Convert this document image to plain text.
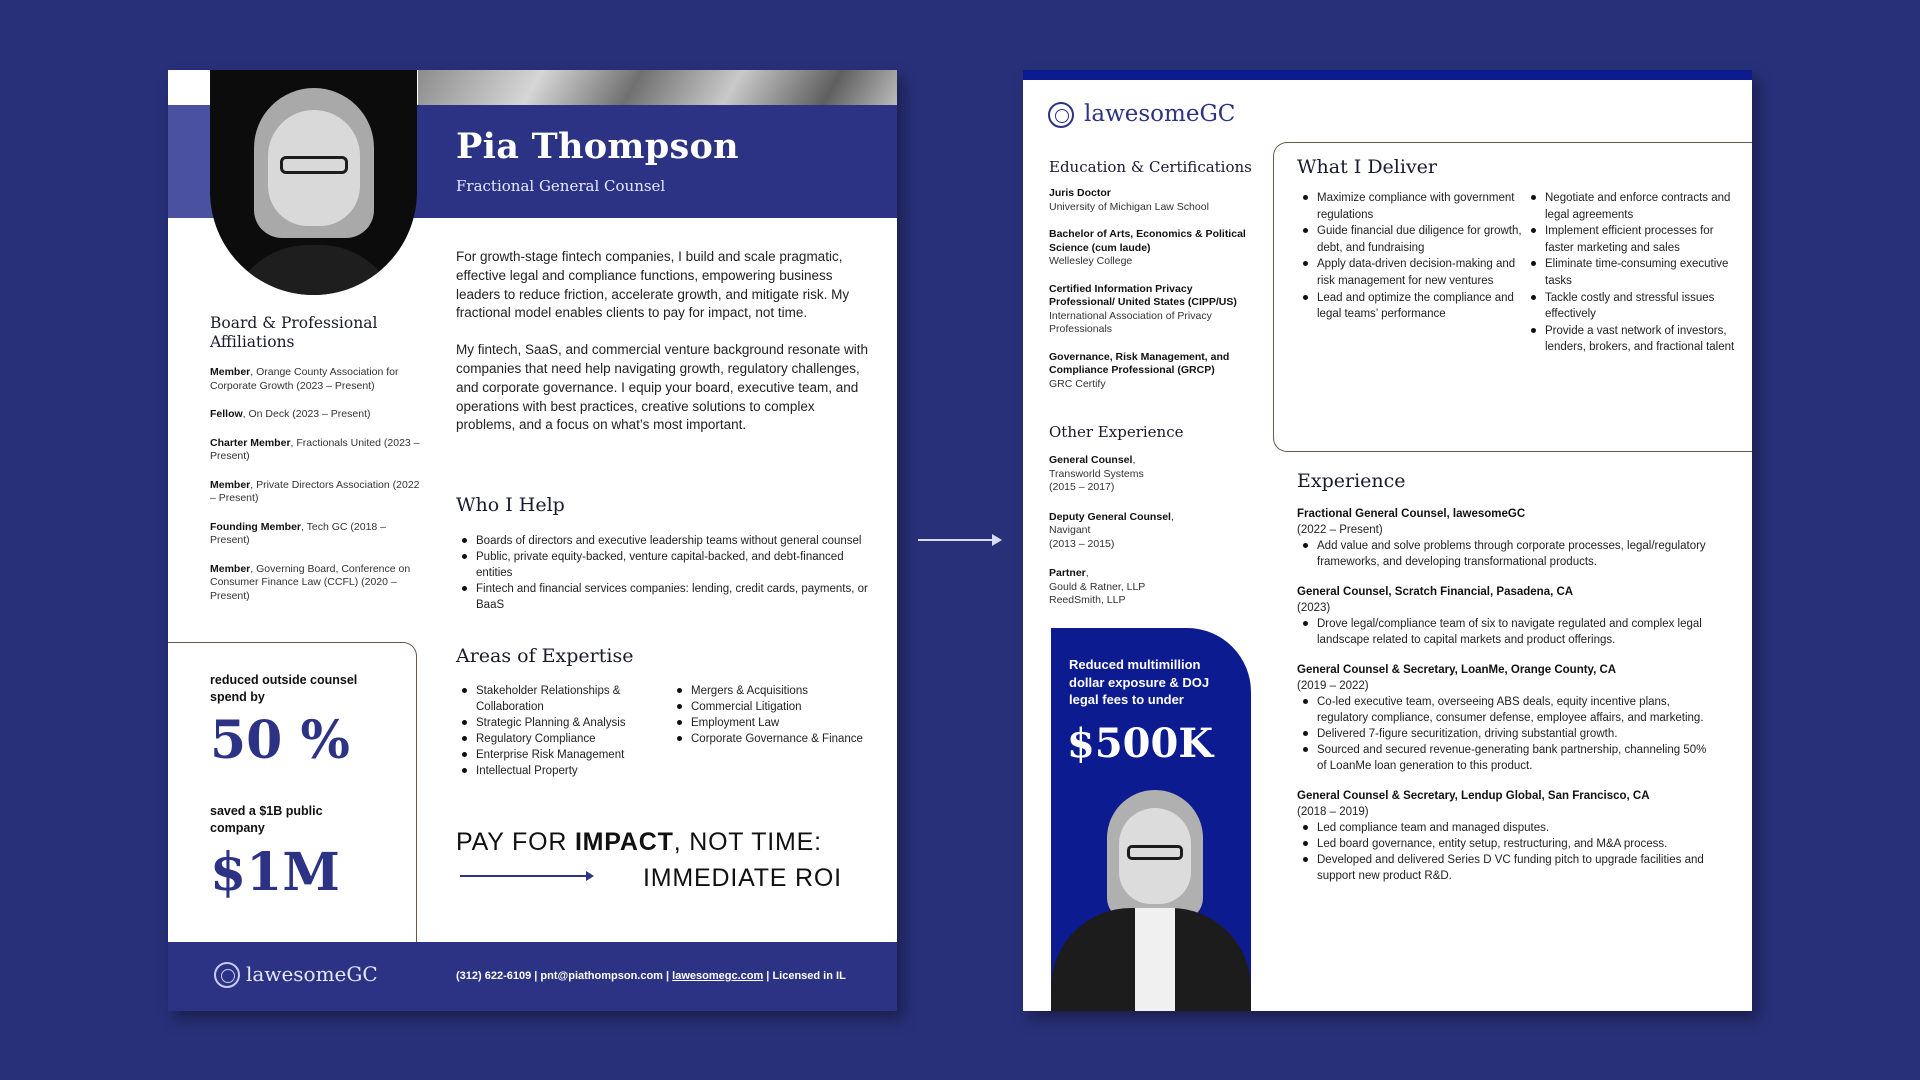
Pia Thompson
Fractional General Counsel
Board & Professional Affiliations
Member, Orange County Association for Corporate Growth (2023 – Present)
Fellow, On Deck (2023 – Present)
Charter Member, Fractionals United (2023 – Present)
Member, Private Directors Association (2022 – Present)
Founding Member, Tech GC (2018 – Present)
Member, Governing Board, Conference on Consumer Finance Law (CCFL) (2020 – Present)
reduced outside counsel spend by
50 %
saved a $1B public company
$1M

For growth-stage fintech companies, I build and scale pragmatic, effective legal and compliance functions, empowering business leaders to reduce friction, accelerate growth, and mitigate risk. My fractional model enables clients to pay for impact, not time.

My fintech, SaaS, and commercial venture background resonate with companies that need help navigating growth, regulatory challenges, and corporate governance. I equip your board, executive team, and operations with best practices, creative solutions to complex problems, and a focus on what’s most important.

Who I Help
Boards of directors and executive leadership teams without general counsel
Public, private equity-backed, venture capital-backed, and debt-financed entities
Fintech and financial services companies: lending, credit cards, payments, or BaaS
Areas of Expertise
Stakeholder Relationships & Collaboration
Strategic Planning & Analysis
Regulatory Compliance
Enterprise Risk Management
Intellectual Property
Mergers & Acquisitions
Commercial Litigation
Employment Law
Corporate Governance & Finance
PAY FOR IMPACT, NOT TIME:
IMMEDIATE ROI
lawesomeGC	(312) 622-6109 | pnt@piathompson.com | lawesomegc.com | Licensed in IL
lawesomeGC
Education & Certifications
Juris Doctor
University of Michigan Law School
Bachelor of Arts, Economics & Political Science (cum laude)
Wellesley College
Certified Information Privacy Professional/ United States (CIPP/US)
International Association of Privacy Professionals
Governance, Risk Management, and Compliance Professional (GRCP)
GRC Certify
Other Experience
General Counsel,
Transworld Systems
(2015 – 2017)
Deputy General Counsel,
Navigant
(2013 – 2015)
Partner,
Gould & Ratner, LLP
ReedSmith, LLP
Reduced multimillion dollar exposure & DOJ legal fees to under
$500K
What I Deliver
Maximize compliance with government regulations
Guide financial due diligence for growth, debt, and fundraising
Apply data-driven decision-making and risk management for new ventures
Lead and optimize the compliance and legal teams’ performance
Negotiate and enforce contracts and legal agreements
Implement efficient processes for faster marketing and sales
Eliminate time-consuming executive tasks
Tackle costly and stressful issues effectively
Provide a vast network of investors, lenders, brokers, and fractional talent
Experience
Fractional General Counsel, lawesomeGC
(2022 – Present)
Add value and solve problems through corporate processes, legal/regulatory frameworks, and developing transformational products.
General Counsel, Scratch Financial, Pasadena, CA
(2023)
Drove legal/compliance team of six to navigate regulated and complex legal landscape related to capital markets and product offerings.
General Counsel & Secretary, LoanMe, Orange County, CA
(2019 – 2022)
Co-led executive team, overseeing ABS deals, equity incentive plans, regulatory compliance, consumer defense, employee affairs, and marketing.
Delivered 7-figure securitization, driving substantial growth.
Sourced and secured revenue-generating bank partnership, channeling 50% of LoanMe loan generation to this product.
General Counsel & Secretary, Lendup Global, San Francisco, CA
(2018 – 2019)
Led compliance team and managed disputes.
Led board governance, entity setup, restructuring, and M&A process.
Developed and delivered Series D VC funding pitch to upgrade facilities and support new product R&D.
